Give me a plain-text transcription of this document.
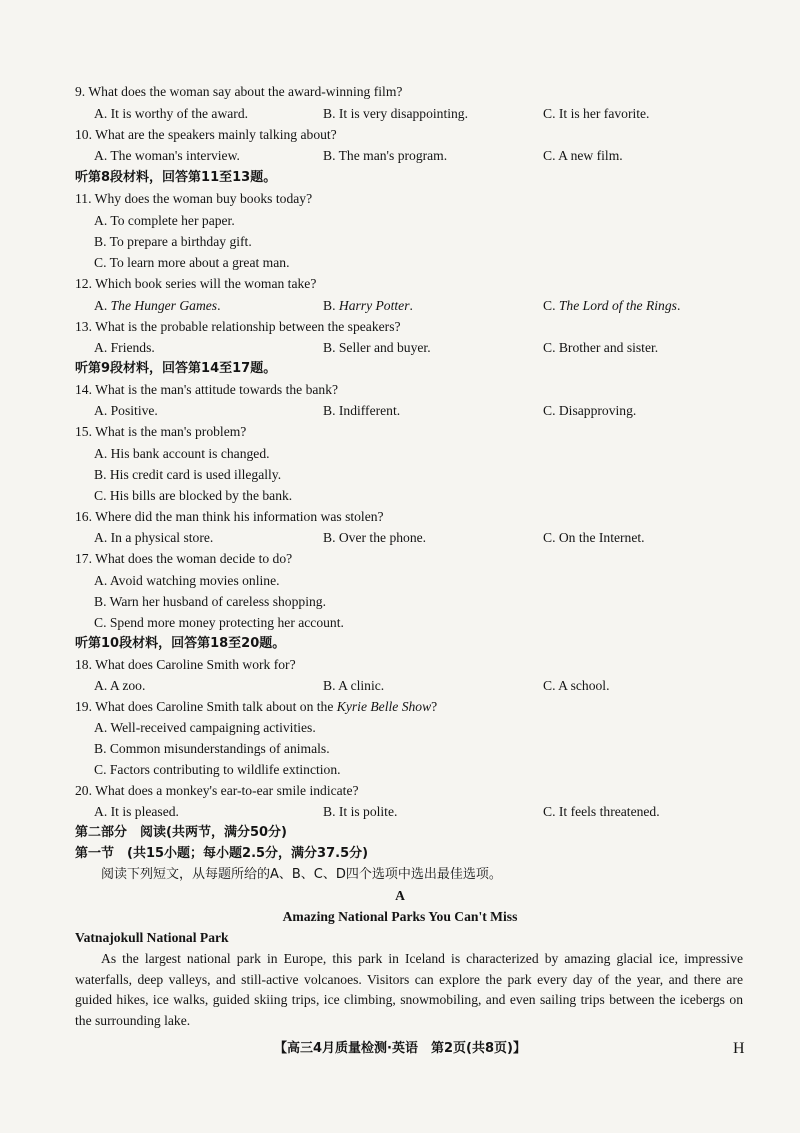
9. What does the woman say about the award-winning film?
A. It is worthy of the award.	B. It is very disappointing.	C. It is her favorite.
10. What are the speakers mainly talking about?
A. The woman's interview.	B. The man's program.	C. A new film.
听第8段材料，回答第11至13题。
11. Why does the woman buy books today?
A. To complete her paper.
B. To prepare a birthday gift.
C. To learn more about a great man.
12. Which book series will the woman take?
A. The Hunger Games.	B. Harry Potter.	C. The Lord of the Rings.
13. What is the probable relationship between the speakers?
A. Friends.	B. Seller and buyer.	C. Brother and sister.
听第9段材料，回答第14至17题。
14. What is the man's attitude towards the bank?
A. Positive.	B. Indifferent.	C. Disapproving.
15. What is the man's problem?
A. His bank account is changed.
B. His credit card is used illegally.
C. His bills are blocked by the bank.
16. Where did the man think his information was stolen?
A. In a physical store.	B. Over the phone.	C. On the Internet.
17. What does the woman decide to do?
A. Avoid watching movies online.
B. Warn her husband of careless shopping.
C. Spend more money protecting her account.
听第10段材料，回答第18至20题。
18. What does Caroline Smith work for?
A. A zoo.	B. A clinic.	C. A school.
19. What does Caroline Smith talk about on the Kyrie Belle Show?
A. Well-received campaigning activities.
B. Common misunderstandings of animals.
C. Factors contributing to wildlife extinction.
20. What does a monkey's ear-to-ear smile indicate?
A. It is pleased.	B. It is polite.	C. It feels threatened.
第二部分　阅读(共两节，满分50分)
第一节　(共15小题；每小题2.5分，满分37.5分)
阅读下列短文，从每题所给的A、B、C、D四个选项中选出最佳选项。
A
Amazing National Parks You Can't Miss
Vatnajokull National Park
As the largest national park in Europe, this park in Iceland is characterized by amazing glacial ice, impressive waterfalls, deep valleys, and still-active volcanoes. Visitors can explore the park every day of the year, and there are guided hikes, ice walks, guided skiing trips, ice climbing, snowmobiling, and even sailing trips between the icebergs on the surrounding lake.
【高三4月质量检测·英语　第2页(共8页)】	H
